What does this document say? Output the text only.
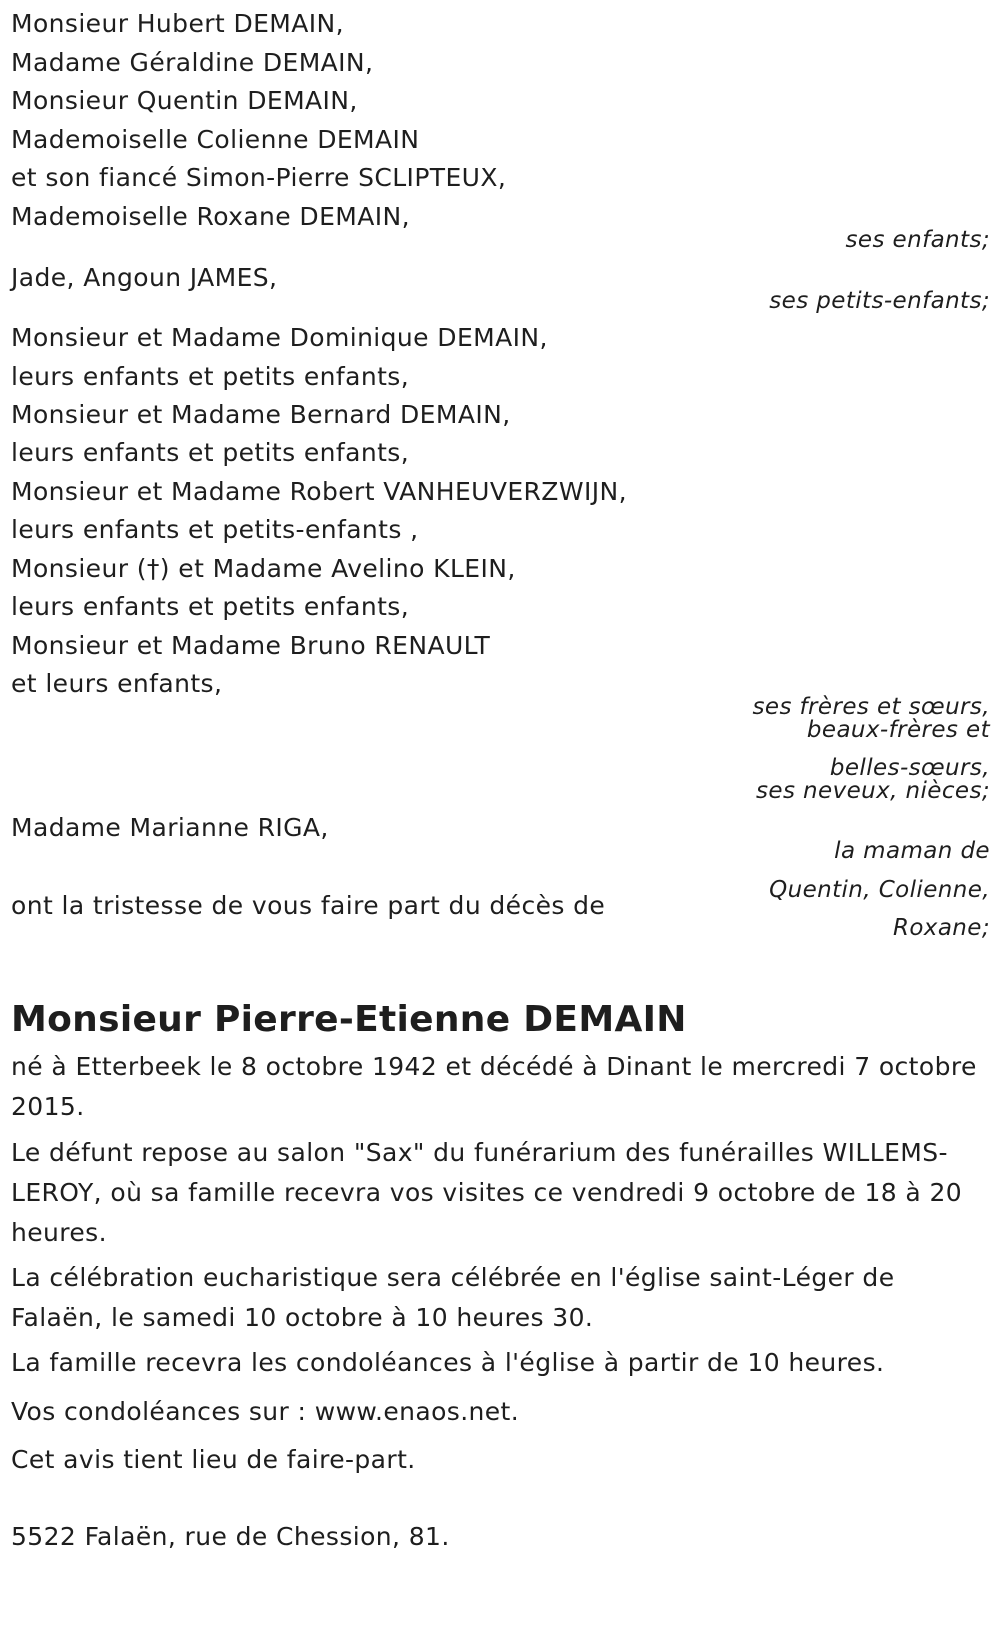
Monsieur Hubert DEMAIN,

Madame Géraldine DEMAIN,

Monsieur Quentin DEMAIN,

Mademoiselle Colienne DEMAIN

et son fiancé Simon-Pierre SCLIPTEUX,

Mademoiselle Roxane DEMAIN,

ses enfants;

Jade, Angoun JAMES,

ses petits-enfants;

Monsieur et Madame Dominique DEMAIN,

leurs enfants et petits enfants,

Monsieur et Madame Bernard DEMAIN,

leurs enfants et petits enfants,

Monsieur et Madame Robert VANHEUVERZWIJN,

leurs enfants et petits-enfants ,

Monsieur (†) et Madame Avelino KLEIN,

leurs enfants et petits enfants,

Monsieur et Madame Bruno RENAULT

et leurs enfants,

ses frères et sœurs,

beaux-frères et

belles-sœurs,

ses neveux, nièces;

Madame Marianne RIGA,

la maman de

Quentin, Colienne,

Roxane;

ont la tristesse de vous faire part du décès de

Monsieur Pierre-Etienne DEMAIN

né à Etterbeek le 8 octobre 1942 et décédé à Dinant le mercredi 7 octobre 2015.

Le défunt repose au salon "Sax" du funérarium des funérailles WILLEMS-LEROY, où sa famille recevra vos visites ce vendredi 9 octobre de 18 à 20 heures.

La célébration eucharistique sera célébrée en l'église saint-Léger de Falaën, le samedi 10 octobre à 10 heures 30.

La famille recevra les condoléances à l'église à partir de 10 heures.

Vos condoléances sur : www.enaos.net.

Cet avis tient lieu de faire-part.

5522 Falaën, rue de Chession, 81.
